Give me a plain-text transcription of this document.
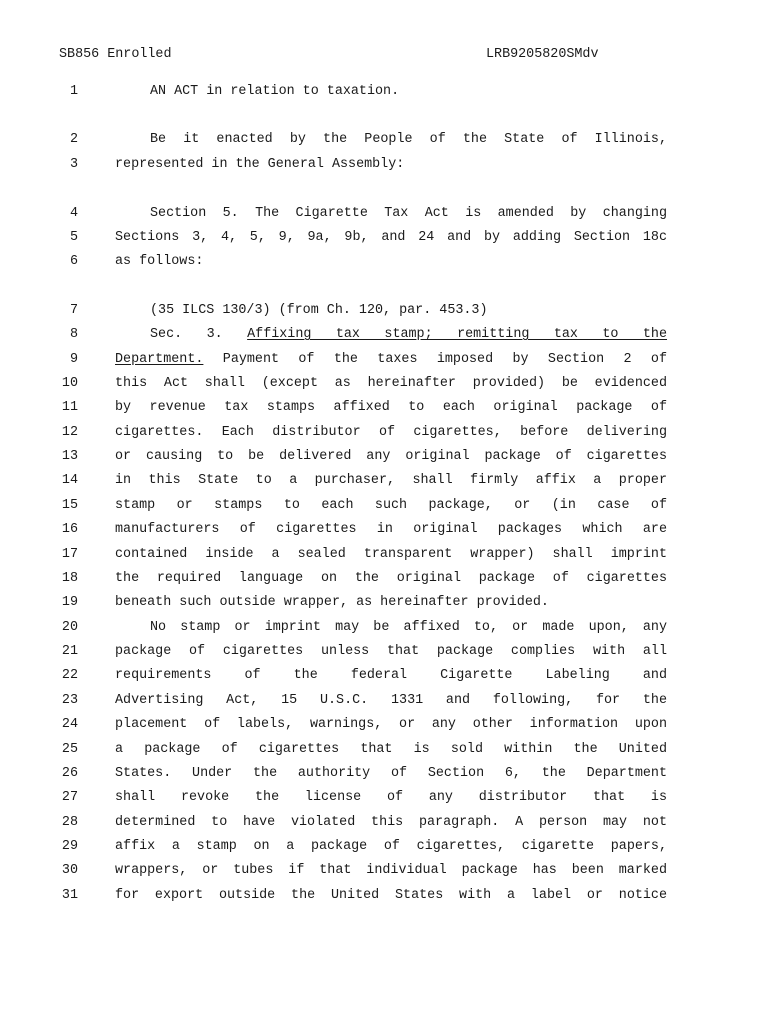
SB856 Enrolled	LRB9205820SMdv
1	AN ACT in relation to taxation.
2	Be it enacted by the People of the State of Illinois,
3	represented in the General Assembly:
4	Section 5. The Cigarette Tax Act is amended by changing
5	Sections 3, 4, 5, 9, 9a, 9b, and 24 and by adding Section 18c
6	as follows:
7	(35 ILCS 130/3) (from Ch. 120, par. 453.3)
8	Sec. 3. Affixing tax stamp; remitting tax to the
9	Department. Payment of the taxes imposed by Section 2 of
10	this Act shall (except as hereinafter provided) be evidenced
11	by revenue tax stamps affixed to each original package of
12	cigarettes. Each distributor of cigarettes, before delivering
13	or causing to be delivered any original package of cigarettes
14	in this State to a purchaser, shall firmly affix a proper
15	stamp or stamps to each such package, or (in case of
16	manufacturers of cigarettes in original packages which are
17	contained inside a sealed transparent wrapper) shall imprint
18	the required language on the original package of cigarettes
19	beneath such outside wrapper, as hereinafter provided.
20	No stamp or imprint may be affixed to, or made upon, any
21	package of cigarettes unless that package complies with all
22	requirements of the federal Cigarette Labeling and
23	Advertising Act, 15 U.S.C. 1331 and following, for the
24	placement of labels, warnings, or any other information upon
25	a package of cigarettes that is sold within the United
26	States. Under the authority of Section 6, the Department
27	shall revoke the license of any distributor that is
28	determined to have violated this paragraph. A person may not
29	affix a stamp on a package of cigarettes, cigarette papers,
30	wrappers, or tubes if that individual package has been marked
31	for export outside the United States with a label or notice
